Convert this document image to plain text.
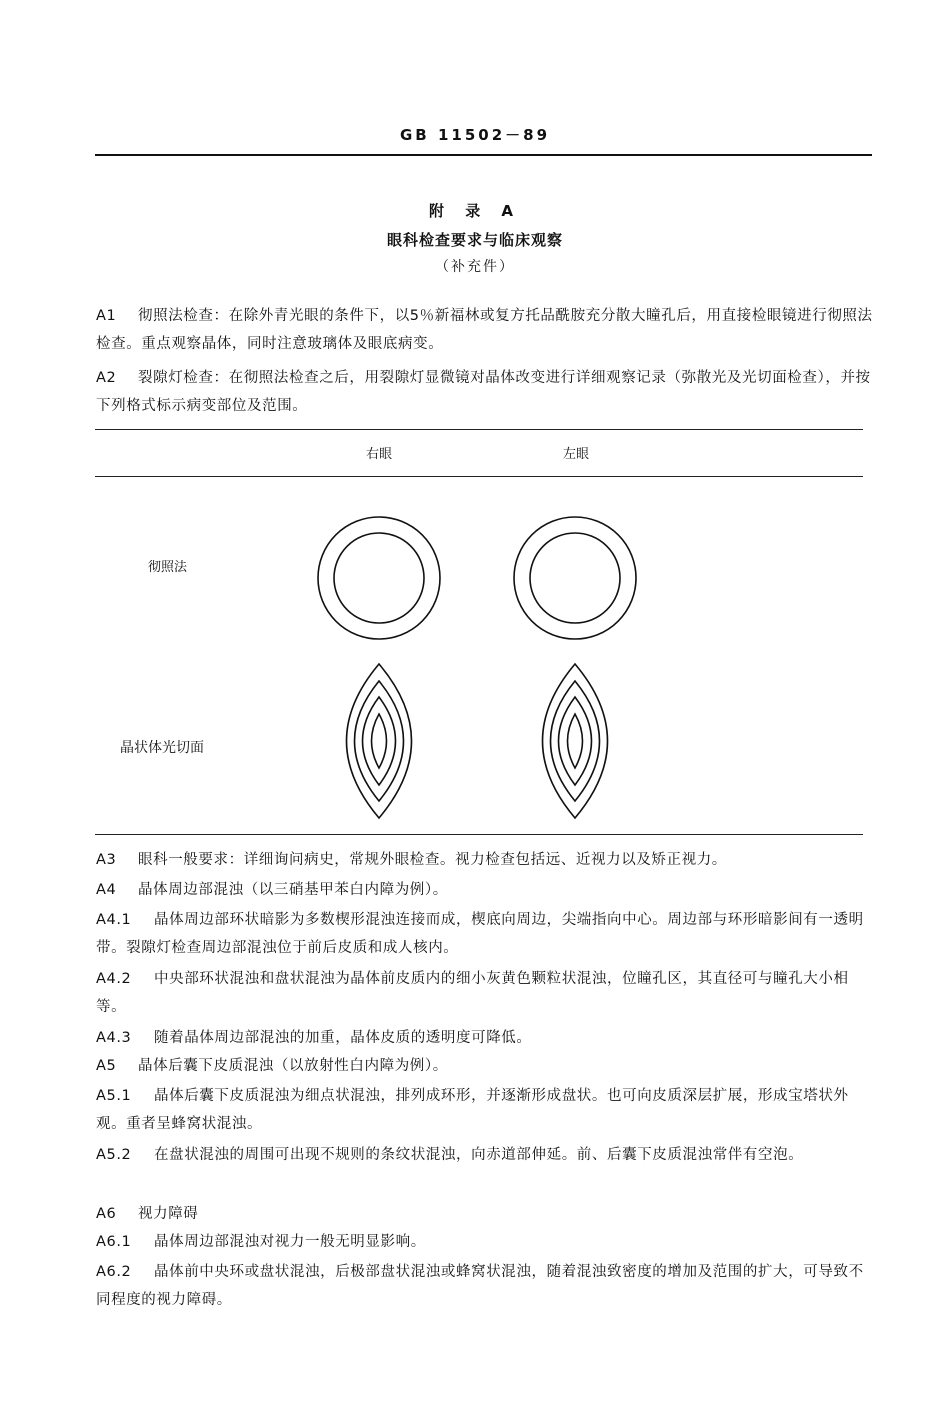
GB 11502－89
附 录 A
眼科检查要求与临床观察
（补充件）

A1 彻照法检查：在除外青光眼的条件下，以5％新福林或复方托品酰胺充分散大瞳孔后，用直接检眼镜进行彻照法检查。重点观察晶体，同时注意玻璃体及眼底病变。

A2 裂隙灯检查：在彻照法检查之后，用裂隙灯显微镜对晶体改变进行详细观察记录（弥散光及光切面检查），并按下列格式标示病变部位及范围。

右眼	左眼
彻照法
晶状体光切面

A3 眼科一般要求：详细询问病史，常规外眼检查。视力检查包括远、近视力以及矫正视力。

A4 晶体周边部混浊（以三硝基甲苯白内障为例）。

A4.1 晶体周边部环状暗影为多数楔形混浊连接而成，楔底向周边，尖端指向中心。周边部与环形暗影间有一透明带。裂隙灯检查周边部混浊位于前后皮质和成人核内。

A4.2 中央部环状混浊和盘状混浊为晶体前皮质内的细小灰黄色颗粒状混浊，位瞳孔区，其直径可与瞳孔大小相等。

A4.3 随着晶体周边部混浊的加重，晶体皮质的透明度可降低。

A5 晶体后囊下皮质混浊（以放射性白内障为例）。

A5.1 晶体后囊下皮质混浊为细点状混浊，排列成环形，并逐渐形成盘状。也可向皮质深层扩展，形成宝塔状外观。重者呈蜂窝状混浊。

A5.2 在盘状混浊的周围可出现不规则的条纹状混浊，向赤道部伸延。前、后囊下皮质混浊常伴有空泡。

A6 视力障碍

A6.1 晶体周边部混浊对视力一般无明显影响。

A6.2 晶体前中央环或盘状混浊，后极部盘状混浊或蜂窝状混浊，随着混浊致密度的增加及范围的扩大，可导致不同程度的视力障碍。
